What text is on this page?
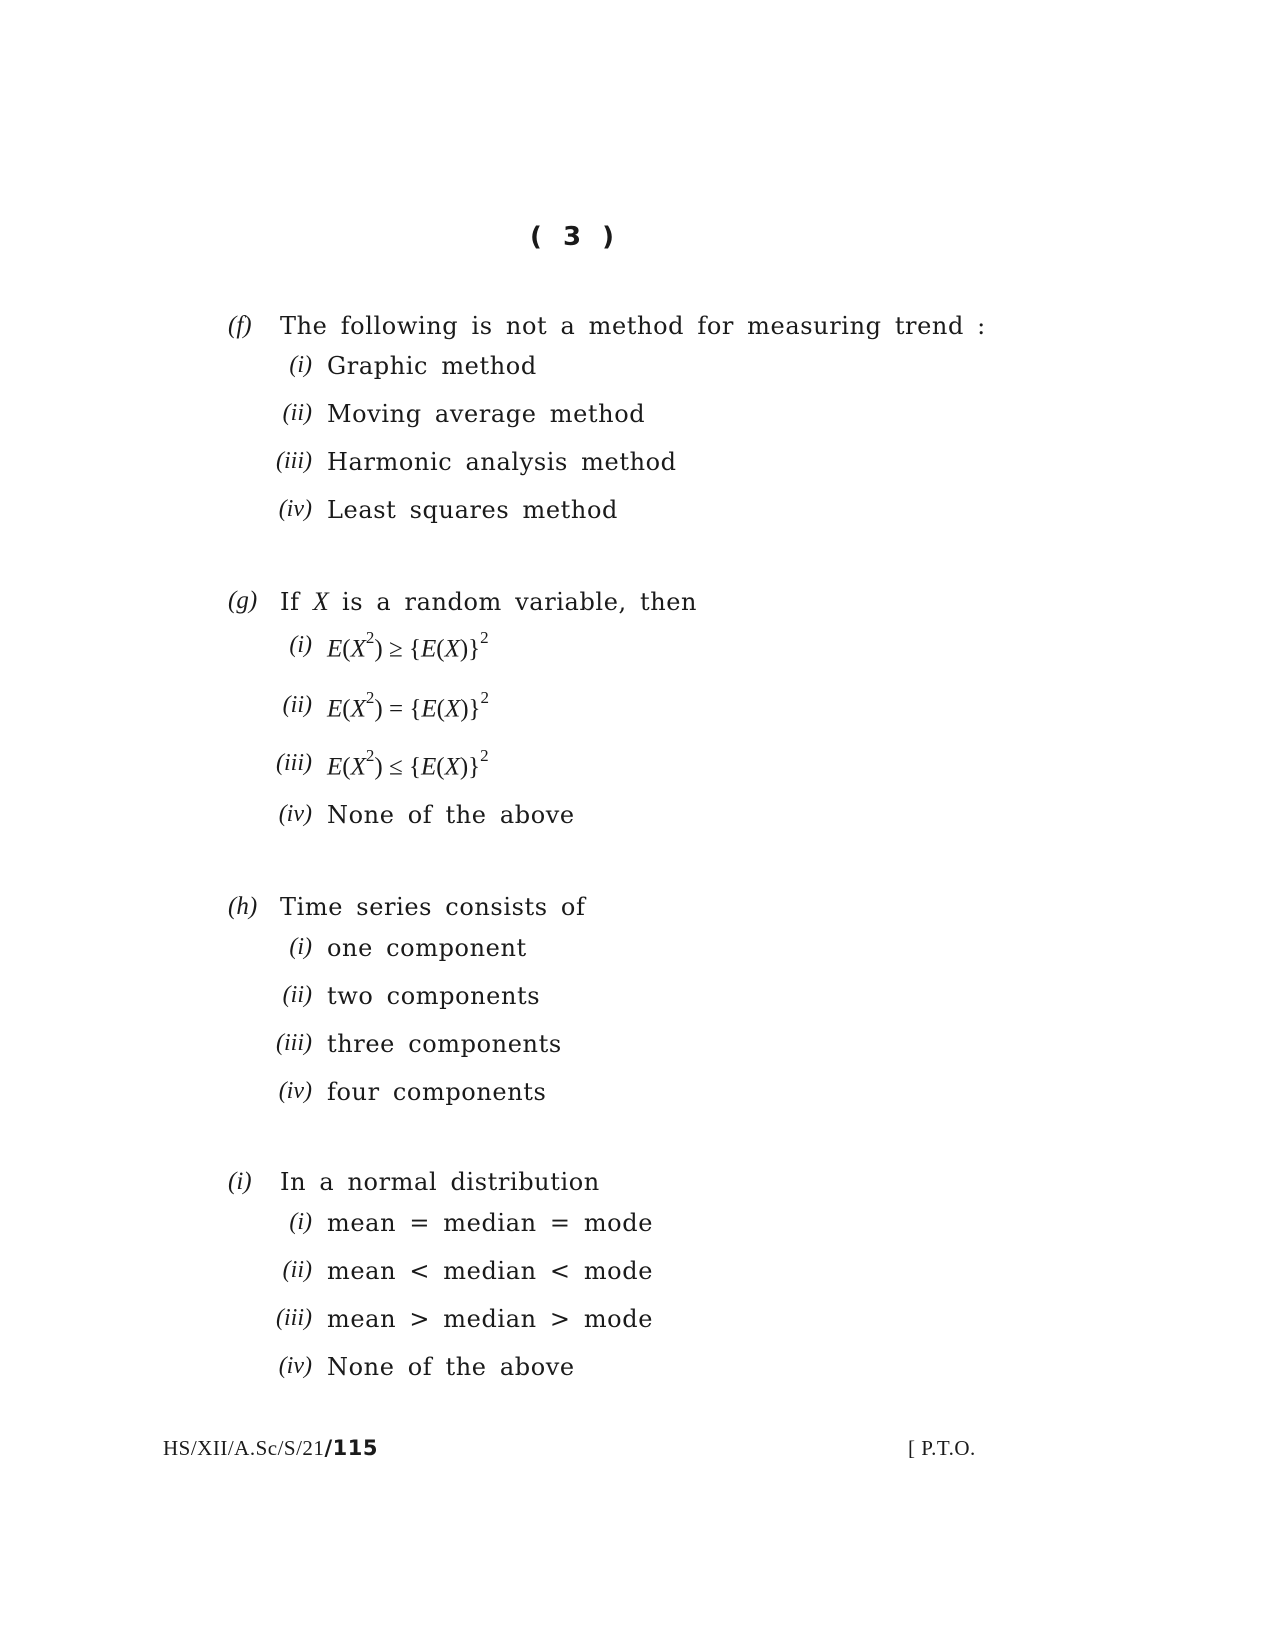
( 3 )
(f) The following is not a method for measuring trend :
(i) Graphic method
(ii) Moving average method
(iii) Harmonic analysis method
(iv) Least squares method
(g) If X is a random variable, then
(i) $E(X^2) \ge \{E(X)\}^2$
(ii) $E(X^2) = \{E(X)\}^2$
(iii) $E(X^2) \le \{E(X)\}^2$
(iv) None of the above
(h) Time series consists of
(i) one component
(ii) two components
(iii) three components
(iv) four components
(i) In a normal distribution
(i) mean = median = mode
(ii) mean < median < mode
(iii) mean > median > mode
(iv) None of the above
HS/XII/A.Sc/S/21/115	[ P.T.O.
